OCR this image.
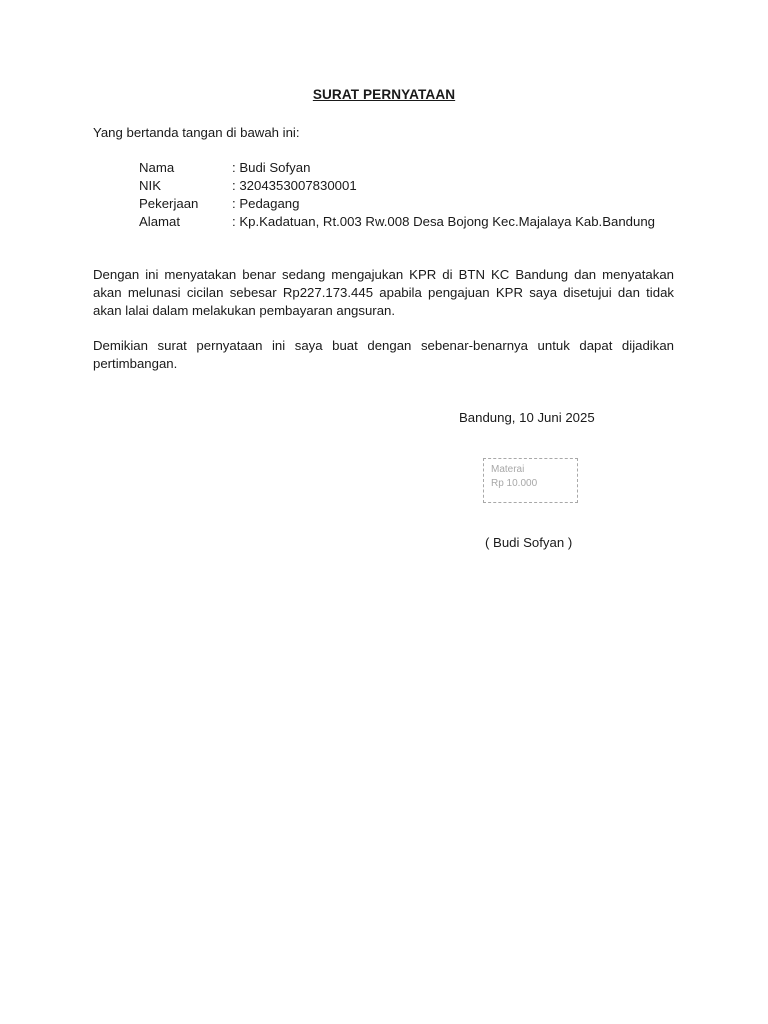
SURAT PERNYATAAN
Yang bertanda tangan di bawah ini:
Nama	: Budi Sofyan
NIK	: 3204353007830001
Pekerjaan	: Pedagang
Alamat	: Kp.Kadatuan, Rt.003 Rw.008 Desa Bojong Kec.Majalaya Kab.Bandung
Dengan ini menyatakan benar sedang mengajukan KPR di BTN KC Bandung dan menyatakan akan melunasi cicilan sebesar Rp227.173.445 apabila pengajuan KPR saya disetujui dan tidak akan lalai dalam melakukan pembayaran angsuran.
Demikian surat pernyataan ini saya buat dengan sebenar-benarnya untuk dapat dijadikan pertimbangan.
Bandung, 10 Juni 2025
Materai
Rp 10.000
( Budi Sofyan )
